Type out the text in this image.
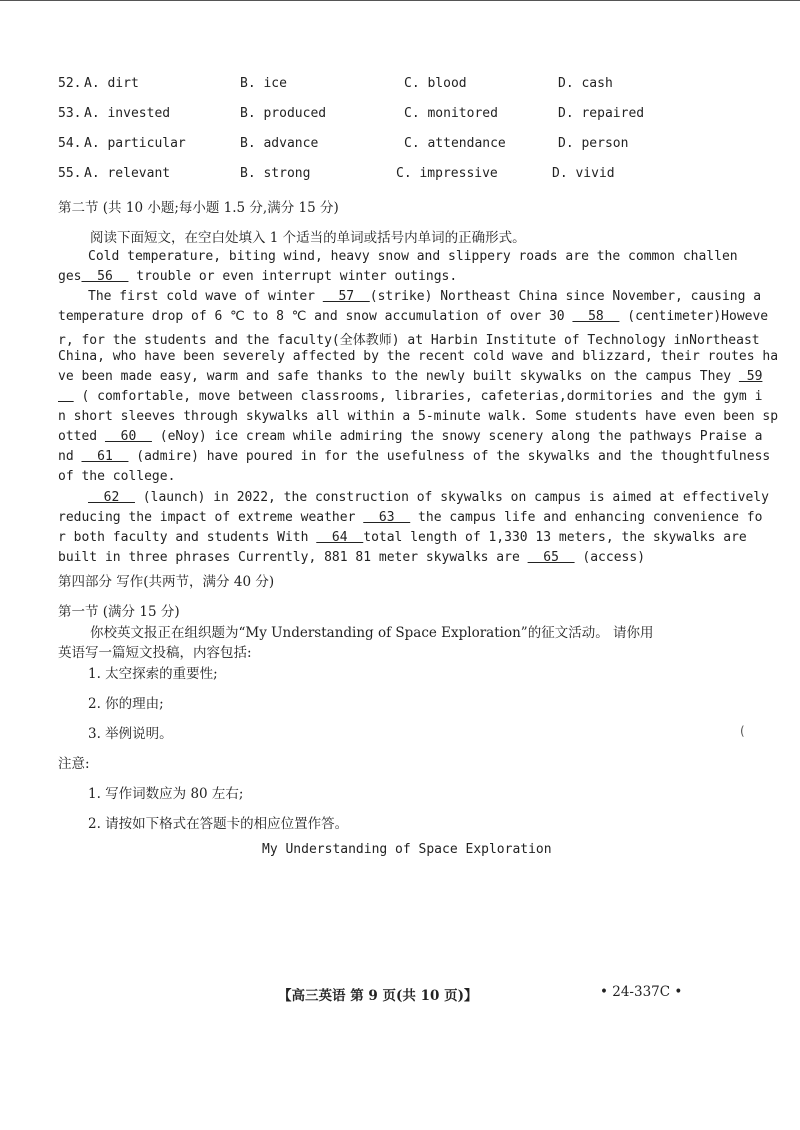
52. A. dirt	B. ice	C. blood	D. cash
53. A. invested	B. produced	C. monitored	D. repaired
54. A. particular	B. advance	C. attendance	D. person
55. A. relevant	B. strong	C. impressive	D. vivid
第二节 (共 10 小题;每小题 1.5 分,满分 15 分)
阅读下面短文，在空白处填入 1 个适当的单词或括号内单词的正确形式。
Cold temperature, biting wind, heavy snow and slippery roads are the common challen
ges  56   trouble or even interrupt winter outings.
The first cold wave of winter   57  (strike) Northeast China since November, causing a
temperature drop of 6 ℃ to 8 ℃ and snow accumulation of over 30   58   (centimeter)Howeve
r, for the students and the faculty(全体教师) at Harbin Institute of Technology inNortheast
China, who have been severely affected by the recent cold wave and blizzard, their routes ha
ve been made easy, warm and safe thanks to the newly built skywalks on the campus They  59
( comfortable, move between classrooms, libraries, cafeterias,dormitories and the gym i
n short sleeves through skywalks all within a 5-minute walk. Some students have even been sp
otted   60   (eNoy) ice cream while admiring the snowy scenery along the pathways Praise a
nd   61   (admire) have poured in for the usefulness of the skywalks and the thoughtfulness
of the college.
62   (launch) in 2022, the construction of skywalks on campus is aimed at effectively
reducing the impact of extreme weather   63   the campus life and enhancing convenience fo
r both faculty and students With   64  total length of 1,330 13 meters, the skywalks are
built in three phrases Currently, 881 81 meter skywalks are   65   (access)
第四部分 写作(共两节，满分 40 分)
第一节 (满分 15 分)
你校英文报正在组织题为“My Understanding of Space Exploration”的征文活动。 请你用
英语写一篇短文投稿，内容包括:
1. 太空探索的重要性;
2. 你的理由;
3. 举例说明。	(
注意:
1. 写作词数应为 80 左右;
2. 请按如下格式在答题卡的相应位置作答。
My Understanding of Space Exploration
【高三英语 第 9 页(共 10 页)】	• 24-337C •
